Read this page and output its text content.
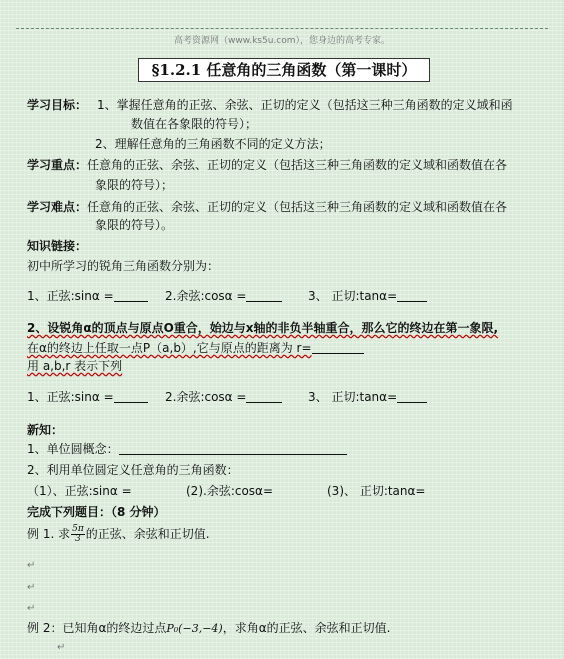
高考资源网（www.ks5u.com），您身边的高考专家。
§1.2.1 任意角的三角函数（第一课时）
学习目标： 1、掌握任意角的正弦、余弦、正切的定义（包括这三种三角函数的定义域和函
数值在各象限的符号）；
2、理解任意角的三角函数不同的定义方法；
学习重点：任意角的正弦、余弦、正切的定义（包括这三种三角函数的定义域和函数值在各
象限的符号）；
学习难点：任意角的正弦、余弦、正切的定义（包括这三种三角函数的定义域和函数值在各
象限的符号）。
知识链接：
初中所学习的锐角三角函数分别为：
1、正弦:sinα =	2.余弦:cosα =	3、 正切:tanα=
2、设锐角α的顶点与原点O重合，始边与x轴的非负半轴重合，那么它的终边在第一象限,
在α的终边上任取一点P（a,b）,它与原点的距离为 r=
用 a,b,r 表示下列
1、正弦:sinα =	2.余弦:cosα =	3、 正切:tanα=
新知：
1、单位圆概念：
2、利用单位圆定义任意角的三角函数：
（1）、正弦:sinα =	(2).余弦:cosα=	(3)、 正切:tanα=
完成下列题目：（8 分钟）
例 1. 求 $\frac{5\pi}{3}$ 的正弦、余弦和正切值.
↵
↵
↵
例 2：已知角α的终边过点P₀(−3,−4)，求角α的正弦、余弦和正切值.
↵
